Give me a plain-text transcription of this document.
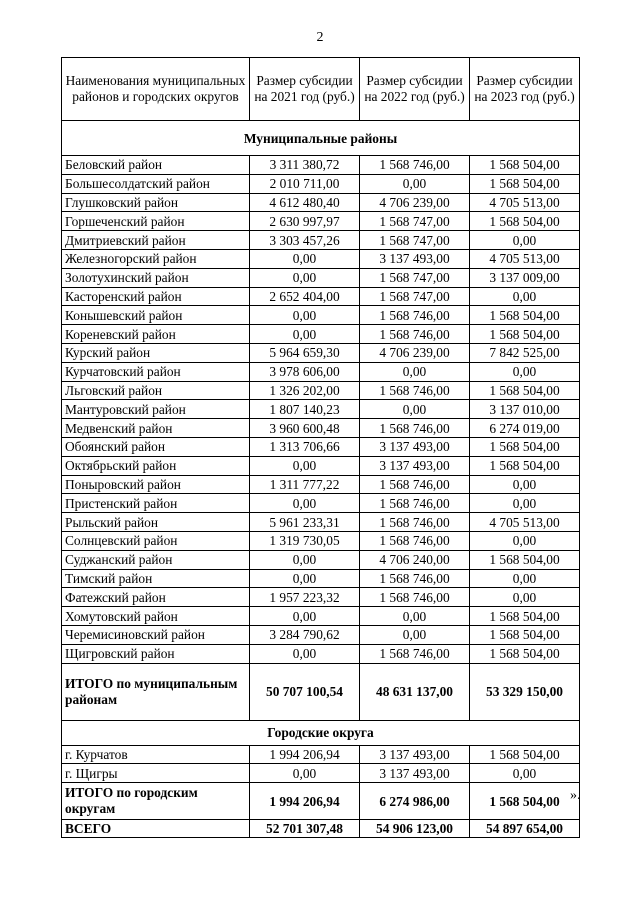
2
Наименования муниципальных районов и городских округов	Размер субсидии на 2021 год (руб.)	Размер субсидии на 2022 год (руб.)	Размер субсидии на 2023 год (руб.)
Муниципальные районы			
Беловский район	3 311 380,72	1 568 746,00	1 568 504,00
Большесолдатский район	2 010 711,00	0,00	1 568 504,00
Глушковский район	4 612 480,40	4 706 239,00	4 705 513,00
Горшеченский район	2 630 997,97	1 568 747,00	1 568 504,00
Дмитриевский район	3 303 457,26	1 568 747,00	0,00
Железногорский район	0,00	3 137 493,00	4 705 513,00
Золотухинский район	0,00	1 568 747,00	3 137 009,00
Касторенский район	2 652 404,00	1 568 747,00	0,00
Конышевский район	0,00	1 568 746,00	1 568 504,00
Кореневский район	0,00	1 568 746,00	1 568 504,00
Курский район	5 964 659,30	4 706 239,00	7 842 525,00
Курчатовский район	3 978 606,00	0,00	0,00
Льговский район	1 326 202,00	1 568 746,00	1 568 504,00
Мантуровский район	1 807 140,23	0,00	3 137 010,00
Медвенский район	3 960 600,48	1 568 746,00	6 274 019,00
Обоянский район	1 313 706,66	3 137 493,00	1 568 504,00
Октябрьский район	0,00	3 137 493,00	1 568 504,00
Поныровский район	1 311 777,22	1 568 746,00	0,00
Пристенский район	0,00	1 568 746,00	0,00
Рыльский район	5 961 233,31	1 568 746,00	4 705 513,00
Солнцевский район	1 319 730,05	1 568 746,00	0,00
Суджанский район	0,00	4 706 240,00	1 568 504,00
Тимский район	0,00	1 568 746,00	0,00
Фатежский район	1 957 223,32	1 568 746,00	0,00
Хомутовский район	0,00	0,00	1 568 504,00
Черемисиновский район	3 284 790,62	0,00	1 568 504,00
Щигровский район	0,00	1 568 746,00	1 568 504,00
ИТОГО по муниципальным районам	50 707 100,54	48 631 137,00	53 329 150,00
Городские округа			
г. Курчатов	1 994 206,94	3 137 493,00	1 568 504,00
г. Щигры	0,00	3 137 493,00	0,00
ИТОГО по городским округам	1 994 206,94	6 274 986,00	1 568 504,00
ВСЕГО	52 701 307,48	54 906 123,00	54 897 654,00
».
